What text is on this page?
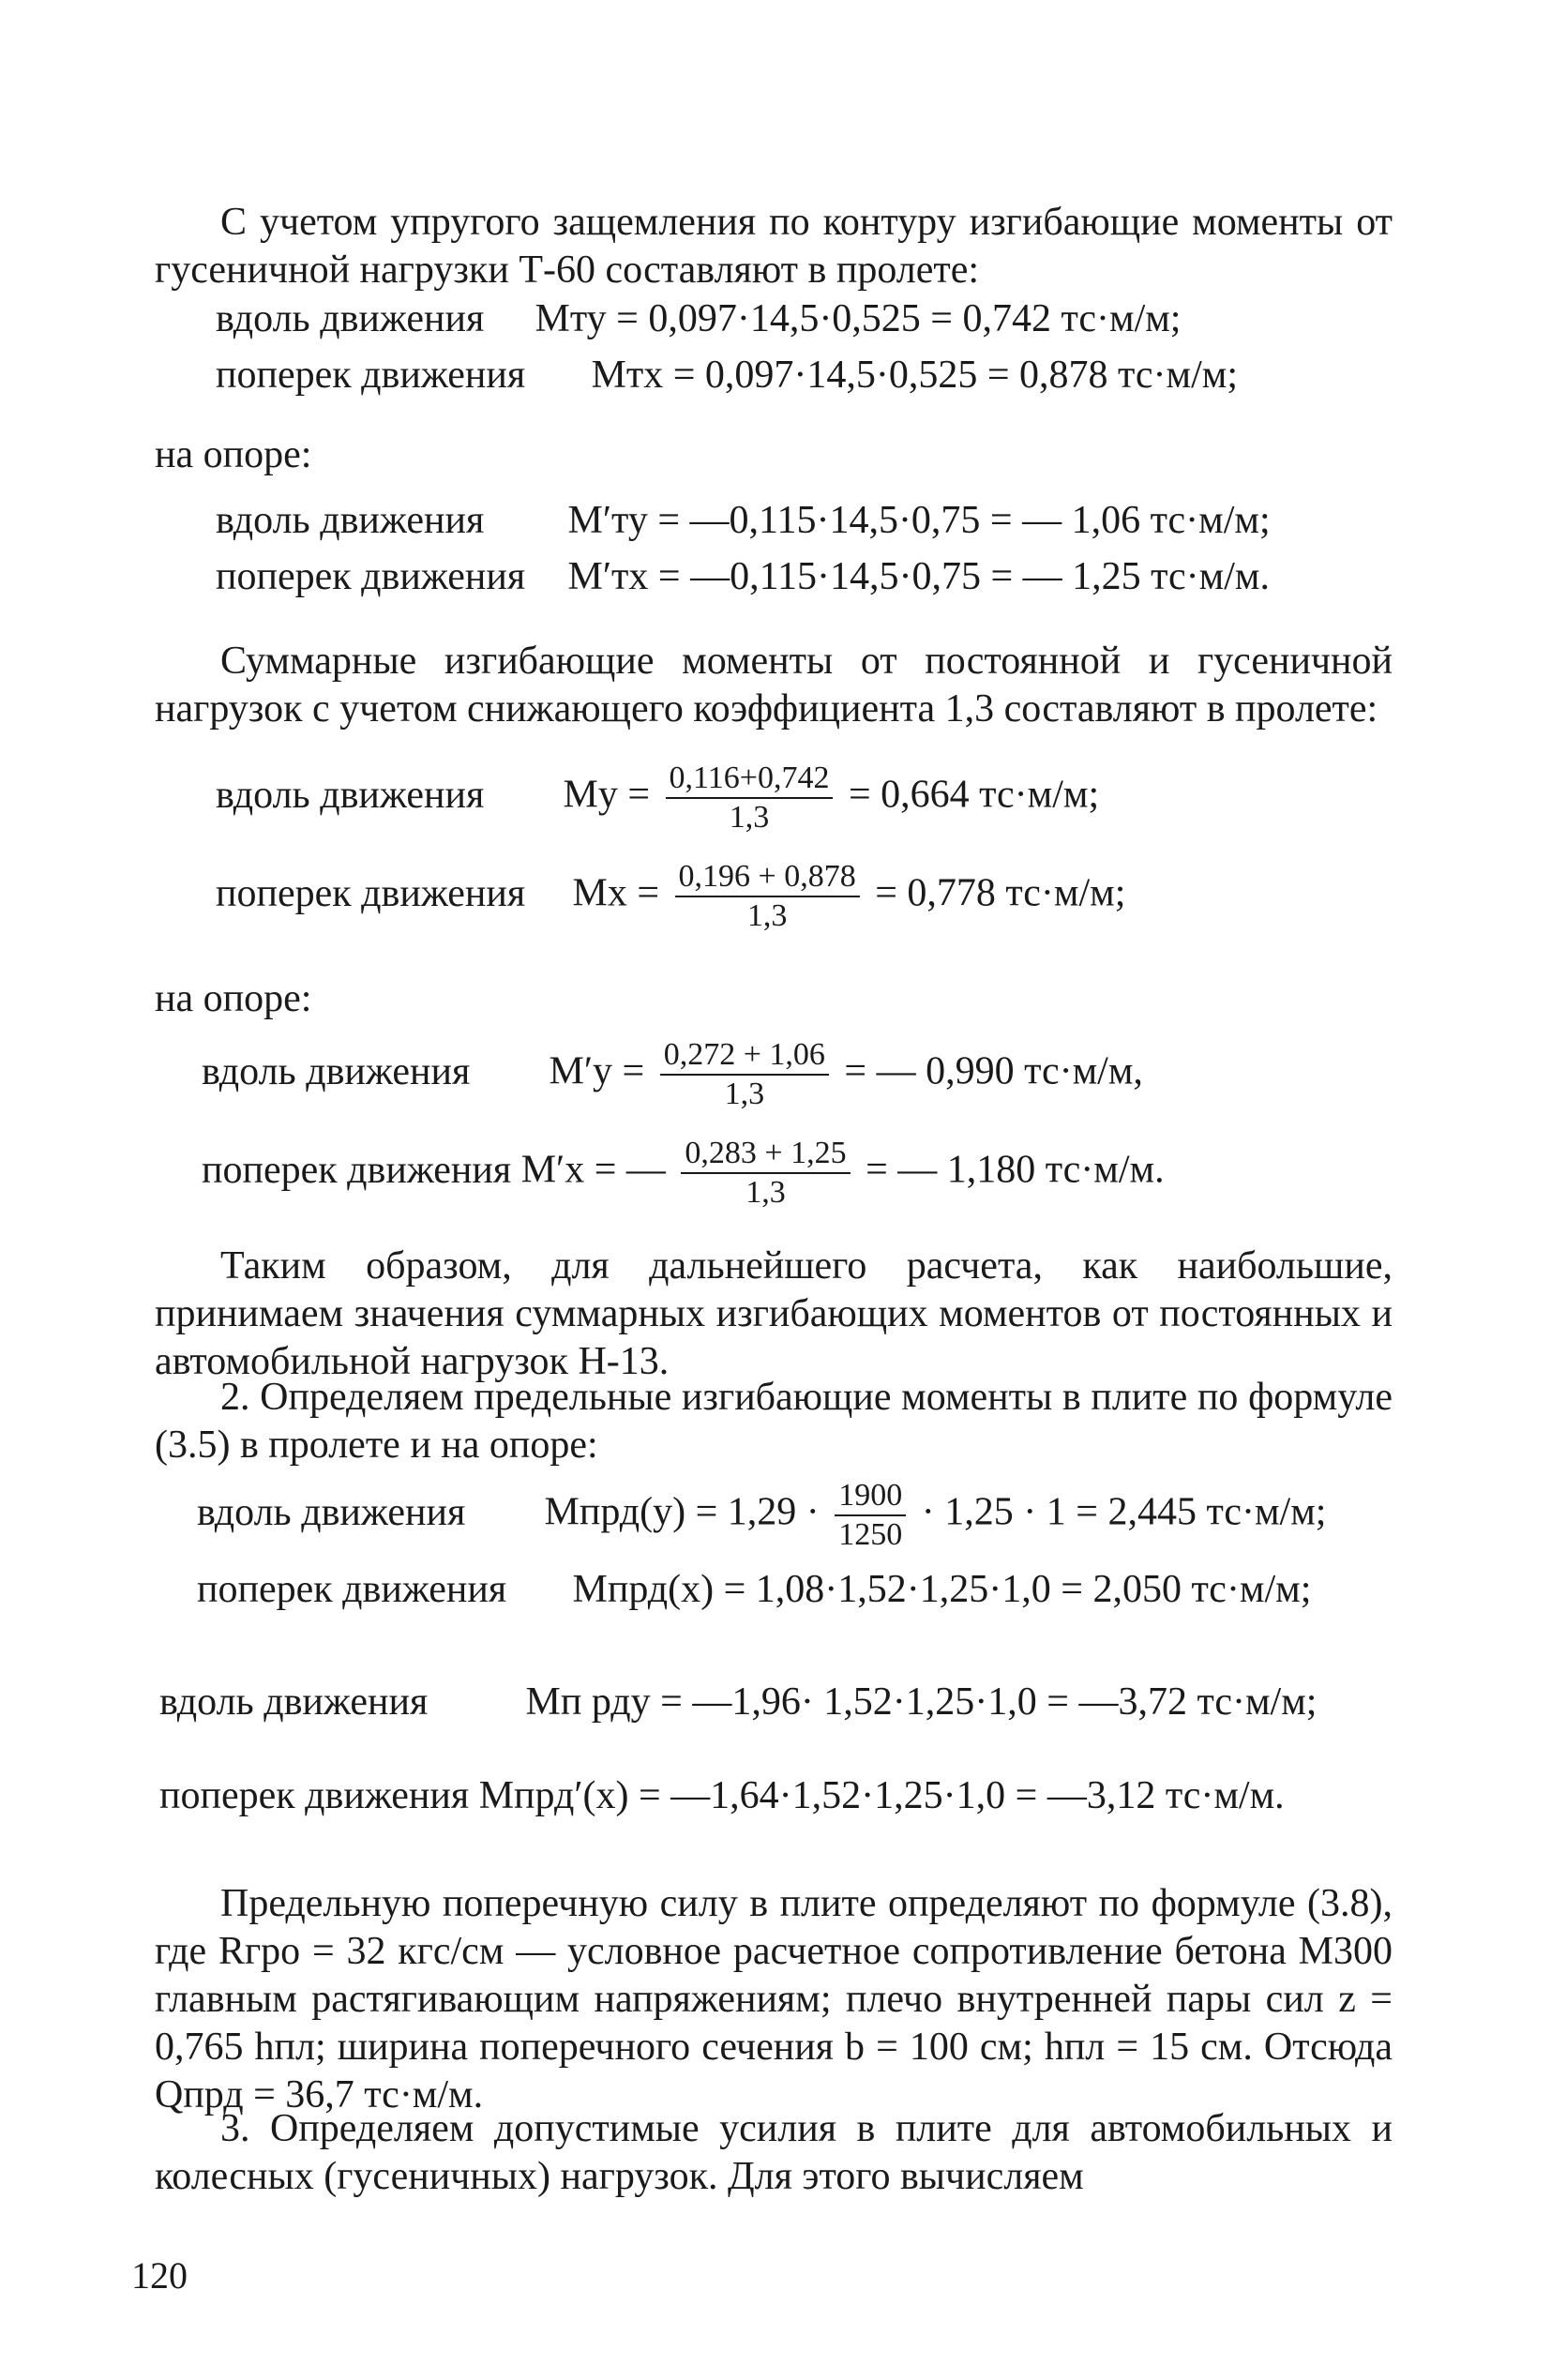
С учетом упругого защемления по контуру изгибающие моменты от гусеничной нагрузки Т-60 составляют в пролете:

вдоль движения Mту = 0,097·14,5·0,525 = 0,742 тс·м/м;
поперек движения Mтх = 0,097·14,5·0,525 = 0,878 тс·м/м;
на опоре:
вдоль движения M′ту = —0,115·14,5·0,75 = — 1,06 тс·м/м;
поперек движения M′тх = —0,115·14,5·0,75 = — 1,25 тс·м/м.

Суммарные изгибающие моменты от постоянной и гусеничной нагрузок с учетом снижающего коэффициента 1,3 составляют в пролете:

вдоль движения $My = \frac{0,116+0,742}{1,3} = 0,664$ тс·м/м;
поперек движения $Mx = \frac{0,196 + 0,878}{1,3} = 0,778$ тс·м/м;
на опоре:
вдоль движения $M'y = \frac{0,272 + 1,06}{1,3}$ = — 0,990 тс·м/м,
поперек движения M′x = — $\frac{0,283 + 1,25}{1,3}$ = — 1,180 тс·м/м.

Таким образом, для дальнейшего расчета, как наибольшие, принимаем значения суммарных изгибающих моментов от постоянных и автомобильной нагрузок Н-13.

2. Определяем предельные изгибающие моменты в плите по формуле (3.5) в пролете и на опоре:

вдоль движения Mпрд(y) = $1,29 \cdot \frac{1900}{1250} \cdot 1,25 \cdot 1 = 2,445$ тс·м/м;
поперек движения Mпрд(x) = 1,08·1,52·1,25·1,0 = 2,050 тс·м/м;
вдоль движения Mп рду = —1,96· 1,52·1,25·1,0 = —3,72 тс·м/м;
поперек движения Mпрд′(x) = —1,64·1,52·1,25·1,0 = —3,12 тс·м/м.

Предельную поперечную силу в плите определяют по формуле (3.8), где Rгро = 32 кгс/см — условное расчетное сопротивление бетона М300 главным растягивающим напряжениям; плечо внутренней пары сил z = 0,765 hпл; ширина поперечного сечения b = 100 см; hпл = 15 см. Отсюда Qпрд = 36,7 тс·м/м.

3. Определяем допустимые усилия в плите для автомобильных и колесных (гусеничных) нагрузок. Для этого вычисляем

120
